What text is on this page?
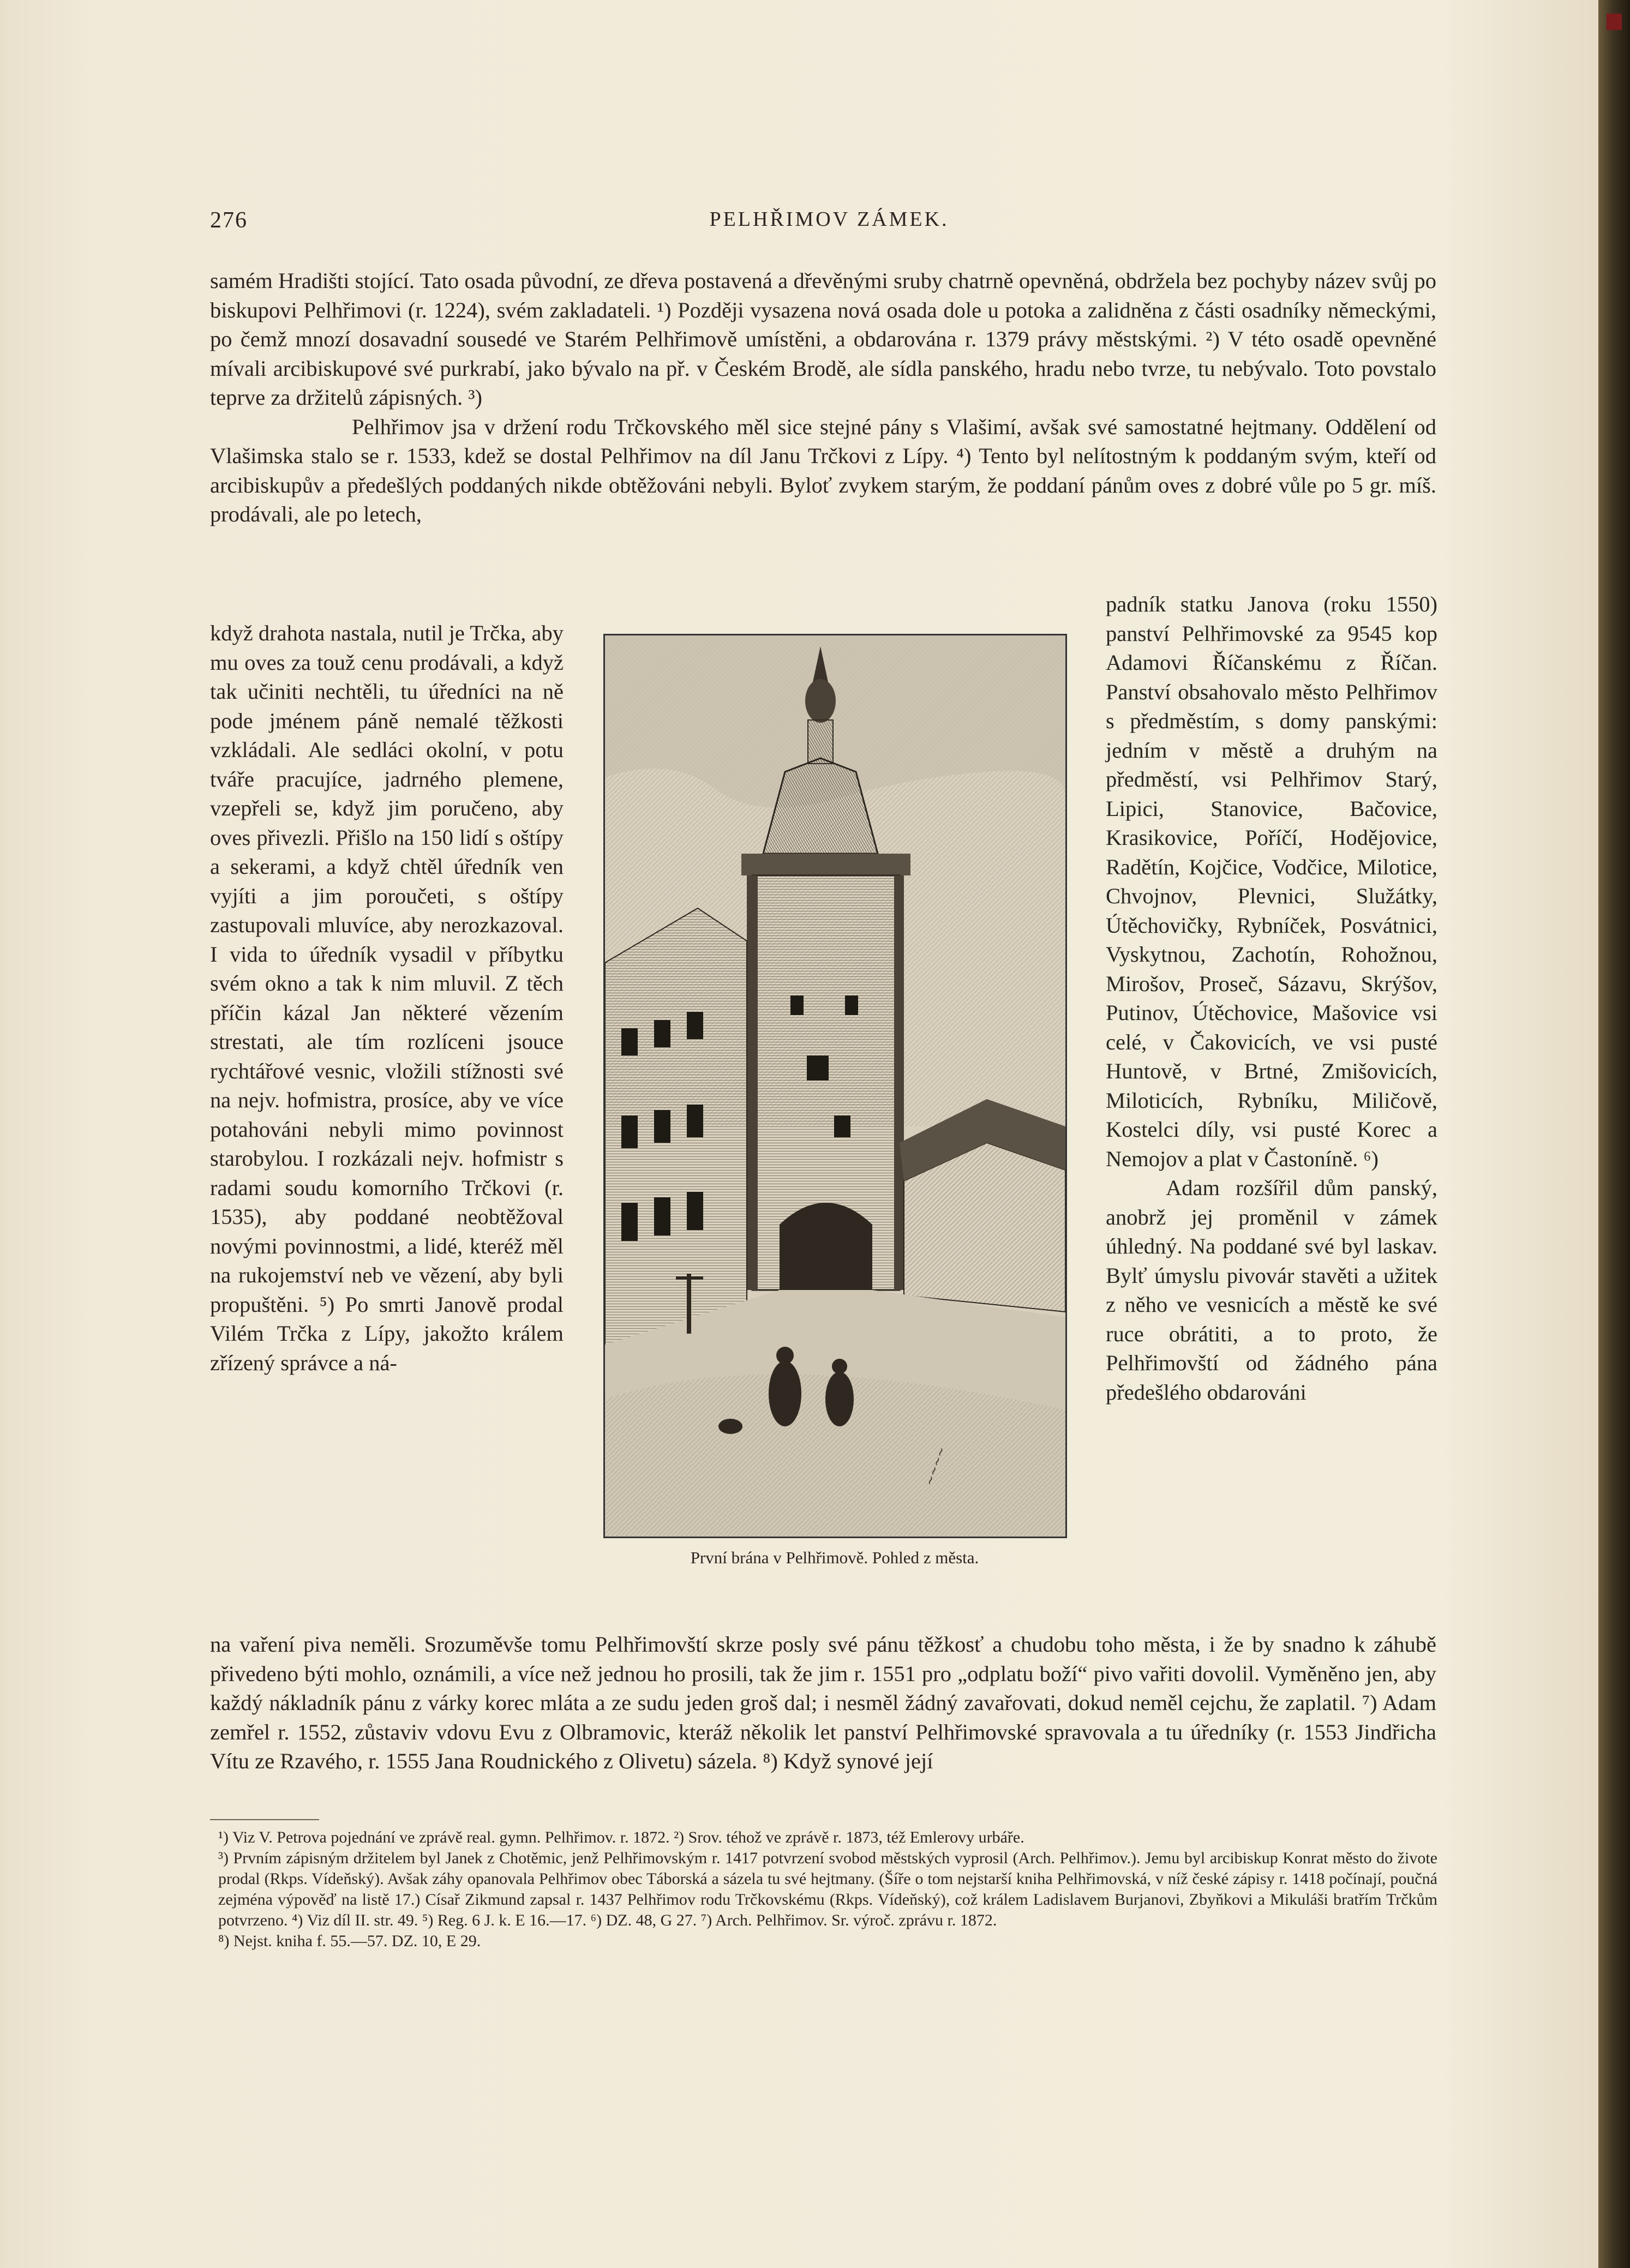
276	PELHŘIMOV ZÁMEK.

samém Hradišti stojící. Tato osada původní, ze dřeva postavená a dřevěnými sruby chatrně opevněná, obdržela bez pochyby název svůj po biskupovi Pelhřimovi (r. 1224), svém zakladateli. ¹) Později vysazena nová osada dole u potoka a zalidněna z části osadníky německými, po čemž mnozí dosavadní sousedé ve Starém Pelhřimově umístěni, a obdarována r. 1379 právy městskými. ²) V této osadě opevněné mívali arcibiskupové své purkrabí, jako bývalo na př. v Českém Brodě, ale sídla panského, hradu nebo tvrze, tu nebývalo. Toto povstalo teprve za držitelů zápisných. ³)

Pelhřimov jsa v držení rodu Trčkovského měl sice stejné pány s Vlašimí, avšak své samostatné hejtmany. Oddělení od Vlašimska stalo se r. 1533, kdež se dostal Pelhřimov na díl Janu Trčkovi z Lípy. ⁴) Tento byl nelítostným k poddaným svým, kteří od arcibiskupův a předešlých poddaných nikde obtěžováni nebyli. Byloť zvykem starým, že poddaní pánům oves z dobré vůle po 5 gr. míš. prodávali, ale po letech,

když drahota nastala, nutil je Trčka, aby mu oves za touž cenu prodávali, a když tak učiniti nechtěli, tu úředníci na ně pode jménem páně nemalé těžkosti vzkládali. Ale sedláci okolní, v potu tváře pracujíce, jadrného plemene, vzepřeli se, když jim poručeno, aby oves přivezli. Přišlo na 150 lidí s oštípy a sekerami, a když chtěl úředník ven vyjíti a jim poroučeti, s oštípy zastupovali mluvíce, aby nerozkazoval. I vida to úředník vysadil v příbytku svém okno a tak k nim mluvil. Z těch příčin kázal Jan některé vězením strestati, ale tím rozlíceni jsouce rychtářové vesnic, vložili stížnosti své na nejv. hofmistra, prosíce, aby ve více potahováni nebyli mimo povinnost starobylou. I rozkázali nejv. hofmistr s radami soudu komorního Trčkovi (r. 1535), aby poddané neobtěžoval novými povinnostmi, a lidé, kteréž měl na rukojemství neb ve vězení, aby byli propuštěni. ⁵) Po smrti Janově prodal Vilém Trčka z Lípy, jakožto králem zřízený správce a ná-

padník statku Janova (roku 1550) panství Pelhřimovské za 9545 kop Adamovi Říčanskému z Říčan. Panství obsahovalo město Pelhřimov s předměstím, s domy panskými: jedním v městě a druhým na předměstí, vsi Pelhřimov Starý, Lipici, Stanovice, Bačovice, Krasikovice, Poříčí, Hodějovice, Radětín, Kojčice, Vodčice, Milotice, Chvojnov, Plevnici, Služátky, Útěchovičky, Rybníček, Posvátnici, Vyskytnou, Zachotín, Rohožnou, Mirošov, Proseč, Sázavu, Skrýšov, Putinov, Útěchovice, Mašovice vsi celé, v Čakovicích, ve vsi pusté Huntově, v Brtné, Zmišovicích, Miloticích, Rybníku, Miličově, Kostelci díly, vsi pusté Korec a Nemojov a plat v Častoníně. ⁶)

Adam rozšířil dům panský, anobrž jej proměnil v zámek úhledný. Na poddané své byl laskav. Bylť úmyslu pivovár stavěti a užitek z něho ve vesnicích a městě ke své ruce obrátiti, a to proto, že Pelhřimovští od žádného pána předešlého obdarováni

~~~~
První brána v Pelhřimově. Pohled z města.

na vaření piva neměli. Srozuměvše tomu Pelhřimovští skrze posly své pánu těžkosť a chudobu toho města, i že by snadno k záhubě přivedeno býti mohlo, oznámili, a více než jednou ho prosili, tak že jim r. 1551 pro „odplatu boží“ pivo vařiti dovolil. Vyměněno jen, aby každý nákladník pánu z várky korec mláta a ze sudu jeden groš dal; i nesměl žádný zavařovati, dokud neměl cejchu, že zaplatil. ⁷) Adam zemřel r. 1552, zůstaviv vdovu Evu z Olbramovic, kteráž několik let panství Pelhřimovské spravovala a tu úředníky (r. 1553 Jindřicha Vítu ze Rzavého, r. 1555 Jana Roudnického z Olivetu) sázela. ⁸) Když synové její

¹) Viz V. Petrova pojednání ve zprávě real. gymn. Pelhřimov. r. 1872. ²) Srov. téhož ve zprávě r. 1873, též Emlerovy urbáře.

³) Prvním zápisným držitelem byl Janek z Chotěmic, jenž Pelhřimovským r. 1417 potvrzení svobod městských vyprosil (Arch. Pelhřimov.). Jemu byl arcibiskup Konrat město do živote prodal (Rkps. Vídeňský). Avšak záhy opanovala Pelhřimov obec Táborská a sázela tu své hejtmany. (Šíře o tom nejstarší kniha Pelhřimovská, v níž české zápisy r. 1418 počínají, poučná zejména výpověď na listě 17.) Císař Zikmund zapsal r. 1437 Pelhřimov rodu Trčkovskému (Rkps. Vídeňský), což králem Ladislavem Burjanovi, Zbyňkovi a Mikuláši bratřím Trčkům potvrzeno. ⁴) Viz díl II. str. 49. ⁵) Reg. 6 J. k. E 16.—17. ⁶) DZ. 48, G 27. ⁷) Arch. Pelhřimov. Sr. výroč. zprávu r. 1872.

⁸) Nejst. kniha f. 55.—57. DZ. 10, E 29.
